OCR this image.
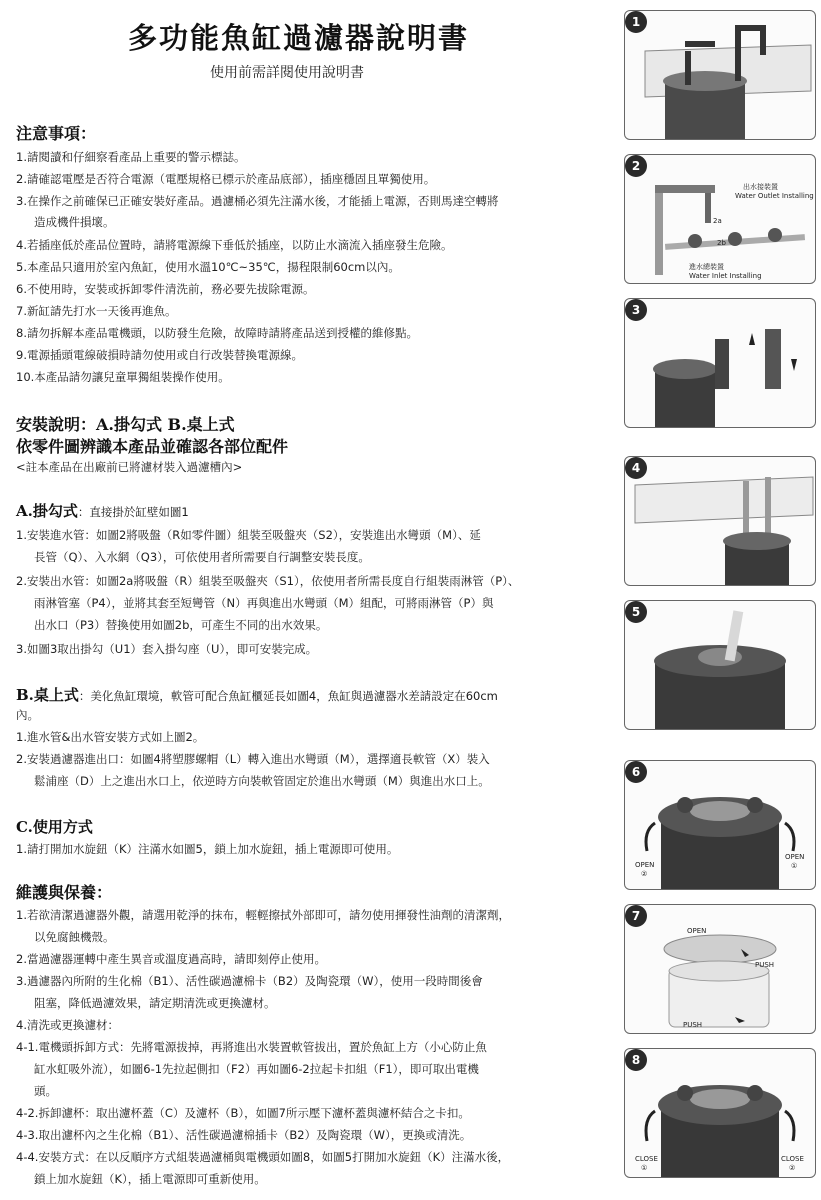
多功能魚缸過濾器說明書
使用前需詳閱使用說明書
注意事項：
1.請閱讀和仔細察看產品上重要的警示標誌。
2.請確認電壓是否符合電源（電壓規格已標示於產品底部），插座穩固且單獨使用。
3.在操作之前確保已正確安裝好產品。過濾桶必須先注滿水後，才能插上電源，否則馬達空轉將
造成機件損壞。
4.若插座低於產品位置時，請將電源線下垂低於插座，以防止水滴流入插座發生危險。
5.本產品只適用於室內魚缸，使用水溫10℃~35℃，揚程限制60cm以內。
6.不使用時，安裝或拆卸零件清洗前，務必要先拔除電源。
7.新缸請先打水一天後再進魚。
8.請勿拆解本產品電機頭，以防發生危險，故障時請將產品送到授權的維修點。
9.電源插頭電線破損時請勿使用或自行改裝替換電源線。
10.本產品請勿讓兒童單獨組裝操作使用。
安裝說明：A.掛勾式 B.桌上式
依零件圖辨識本產品並確認各部位配件
<註本產品在出廠前已將濾材裝入過濾槽內>
A.掛勾式：直接掛於缸壁如圖1
1.安裝進水管：如圖2將吸盤（R如零件圖）組裝至吸盤夾（S2），安裝進出水彎頭（M）、延
長管（Q）、入水網（Q3），可依使用者所需要自行調整安裝長度。
2.安裝出水管：如圖2a將吸盤（R）組裝至吸盤夾（S1），依使用者所需長度自行組裝雨淋管（P）、
雨淋管塞（P4），並將其套至短彎管（N）再與進出水彎頭（M）組配，可將雨淋管（P）與
出水口（P3）替換使用如圖2b，可產生不同的出水效果。
3.如圖3取出掛勾（U1）套入掛勾座（U），即可安裝完成。
B.桌上式：美化魚缸環境，軟管可配合魚缸櫃延長如圖4，魚缸與過濾器水差請設定在60cm
內。
1.進水管&出水管安裝方式如上圖2。
2.安裝過濾器進出口：如圖4將塑膠螺帽（L）轉入進出水彎頭（M），選擇適長軟管（X）裝入
鬆浦座（D）上之進出水口上，依逆時方向裝軟管固定於進出水彎頭（M）與進出水口上。
C.使用方式
1.請打開加水旋鈕（K）注滿水如圖5，鎖上加水旋鈕，插上電源即可使用。
維護與保養：
1.若欲清潔過濾器外觀，請選用乾淨的抹布，輕輕擦拭外部即可，請勿使用揮發性油劑的清潔劑，
以免腐蝕機殼。
2.當過濾器運轉中產生異音或溫度過高時，請即刻停止使用。
3.過濾器內所附的生化棉（B1）、活性碳過濾棉卡（B2）及陶瓷環（W），使用一段時間後會
阻塞，降低過濾效果，請定期清洗或更換濾材。
4.清洗或更換濾材：
4-1.電機頭拆卸方式：先將電源拔掉，再將進出水裝置軟管拔出，置於魚缸上方（小心防止魚
缸水虹吸外流），如圖6-1先拉起側扣（F2）再如圖6-2拉起卡扣組（F1），即可取出電機
頭。
4-2.拆卸濾杯：取出濾杯蓋（C）及濾杯（B），如圖7所示壓下濾杯蓋與濾杯結合之卡扣。
4-3.取出濾杯內之生化棉（B1）、活性碳過濾棉插卡（B2）及陶瓷環（W），更換或清洗。
4-4.安裝方式：在以反順序方式組裝過濾桶與電機頭如圖8，如圖5打開加水旋鈕（K）注滿水後，
鎖上加水旋鈕（K），插上電源即可重新使用。
1
2
出水接裝置
Water Outlet Installing
2a
2b
進水總裝置
Water Inlet Installing
3
4
5
6
OPEN
②
OPEN
①
7
OPEN
PUSH
PUSH
8
CLOSE
①
CLOSE
②
